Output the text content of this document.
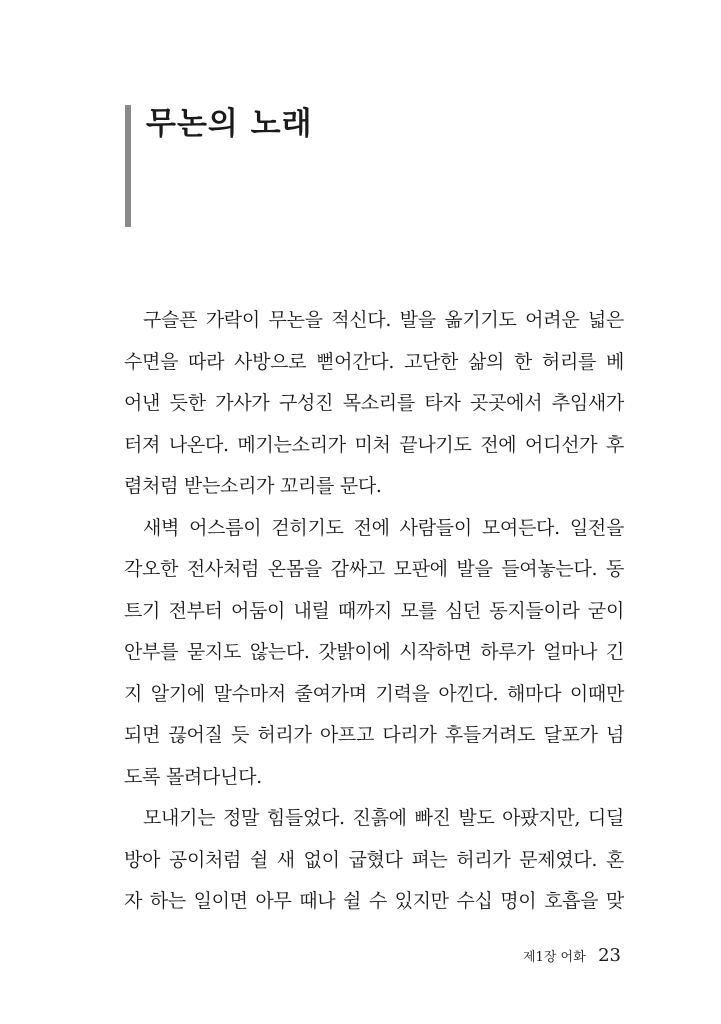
무논의 노래
구슬픈 가락이 무논을 적신다. 발을 옮기기도 어려운 넓은
수면을 따라 사방으로 뻗어간다. 고단한 삶의 한 허리를 베
어낸 듯한 가사가 구성진 목소리를 타자 곳곳에서 추임새가
터져 나온다. 메기는소리가 미처 끝나기도 전에 어디선가 후
렴처럼 받는소리가 꼬리를 문다.
새벽 어스름이 걷히기도 전에 사람들이 모여든다. 일전을
각오한 전사처럼 온몸을 감싸고 모판에 발을 들여놓는다. 동
트기 전부터 어둠이 내릴 때까지 모를 심던 동지들이라 굳이
안부를 묻지도 않는다. 갓밝이에 시작하면 하루가 얼마나 긴
지 알기에 말수마저 줄여가며 기력을 아낀다. 해마다 이때만
되면 끊어질 듯 허리가 아프고 다리가 후들거려도 달포가 넘
도록 몰려다닌다.
모내기는 정말 힘들었다. 진흙에 빠진 발도 아팠지만, 디딜
방아 공이처럼 쉴 새 없이 굽혔다 펴는 허리가 문제였다. 혼
자 하는 일이면 아무 때나 쉴 수 있지만 수십 명이 호흡을 맞
제1장 어화 23
